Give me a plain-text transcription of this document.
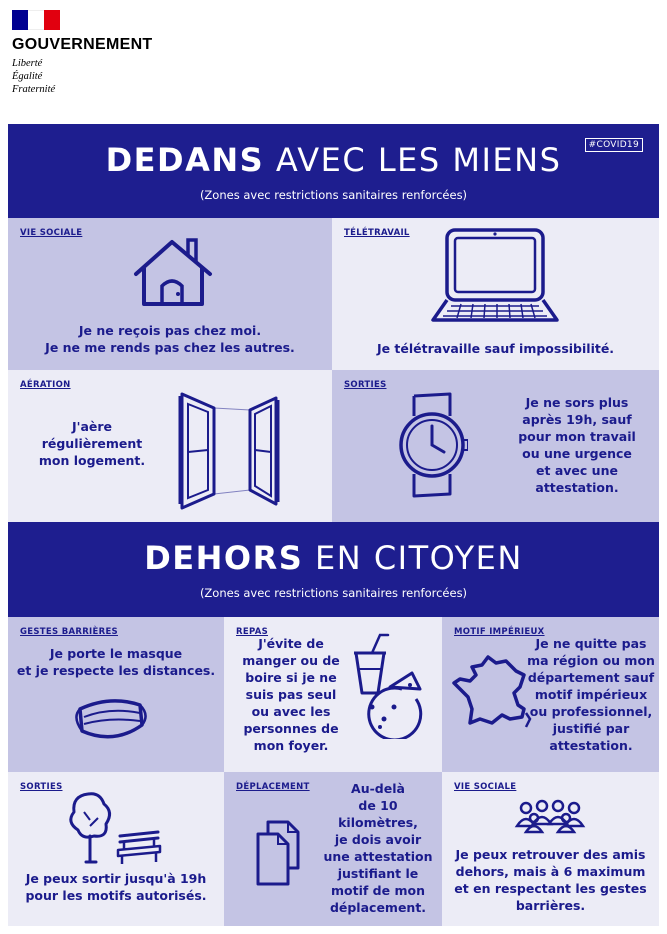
GOUVERNEMENT
Liberté
Égalité
Fraternité
#COVID19
DEDANS AVEC LES MIENS
(Zones avec restrictions sanitaires renforcées)
VIE SOCIALE
Je ne reçois pas chez moi.
Je ne me rends pas chez les autres.
TÉLÉTRAVAIL
Je télétravaille sauf impossibilité.
AÉRATION
J'aère
régulièrement
mon logement.
SORTIES
Je ne sors plus
après 19h, sauf
pour mon travail
ou une urgence
et avec une
attestation.
DEHORS EN CITOYEN
(Zones avec restrictions sanitaires renforcées)
GESTES BARRIÈRES
Je porte le masque
et je respecte les distances.
REPAS
J'évite de
manger ou de
boire si je ne
suis pas seul
ou avec les
personnes de
mon foyer.
MOTIF IMPÉRIEUX
Je ne quitte pas
ma région ou mon
département sauf
motif impérieux
ou professionnel,
justifié par
attestation.
SORTIES
Je peux sortir jusqu'à 19h
pour les motifs autorisés.
DÉPLACEMENT	Au-delà
de 10
kilomètres,
je dois avoir
une attestation
justifiant le
motif de mon
déplacement.
VIE SOCIALE
Je peux retrouver des amis
dehors, mais à 6 maximum
et en respectant les gestes
barrières.
